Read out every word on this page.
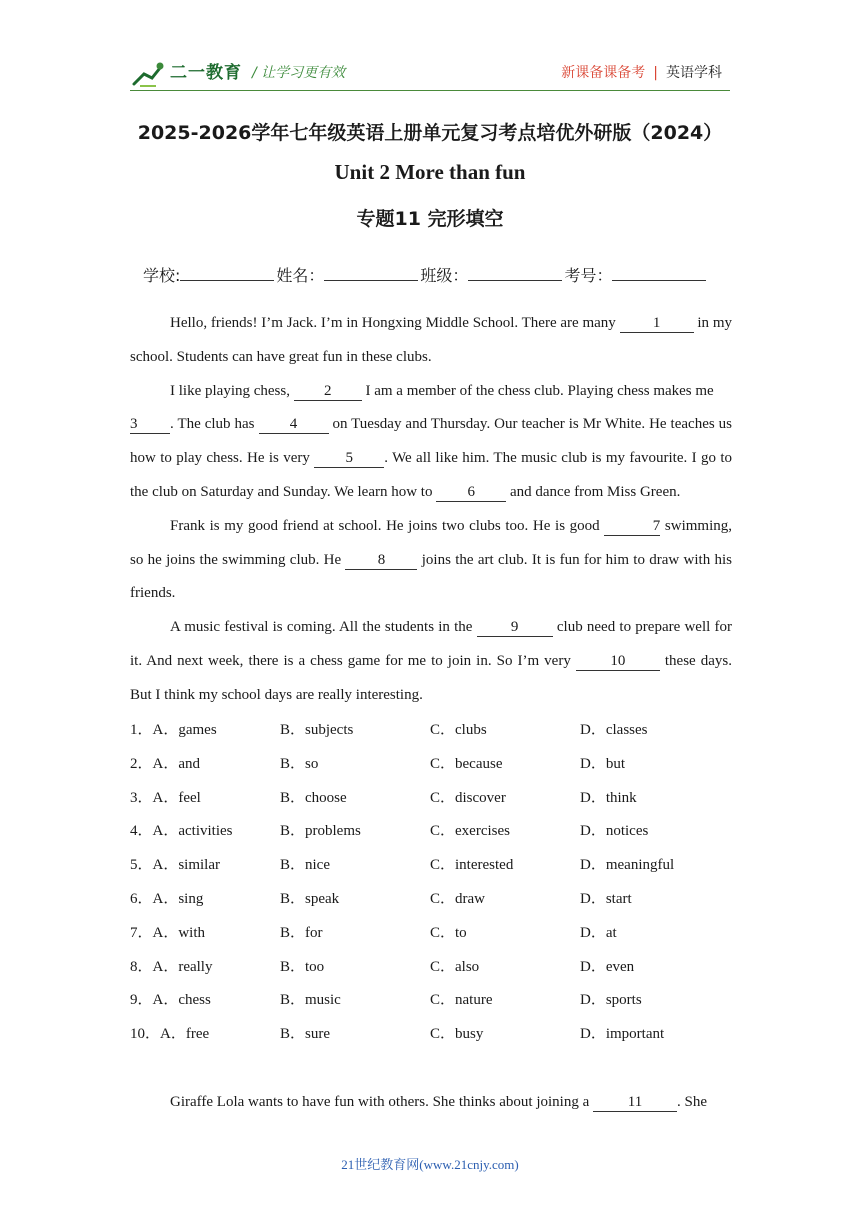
二一教育 / 让学习更有效	新课备课备考 | 英语学科
2025-2026学年七年级英语上册单元复习考点培优外研版（2024）
Unit 2 More than fun
专题11 完形填空
学校:	姓名：	班级：	考号：

Hello, friends! I’m Jack. I’m in Hongxing Middle School. There are many 1 in my school. Students can have great fun in these clubs.

I like playing chess, 2 I am a member of the chess club. Playing chess makes me

3 . The club has 4 on Tuesday and Thursday. Our teacher is Mr White. He teaches us how to play chess. He is very 5 . We all like him. The music club is my favourite. I go to the club on Saturday and Sunday. We learn how to 6 and dance from Miss Green.

Frank is my good friend at school. He joins two clubs too. He is good	7 swimming, so he joins the swimming club. He 8 joins the art club. It is fun for him to draw with his friends.

A music festival is coming. All the students in the 9 club need to prepare well for it. And next week, there is a chess game for me to join in. So I’m very 10 these days. But I think my school days are really interesting.

1．A．games	B．subjects	C．clubs	D．classes
2．A．and	B．so	C．because	D．but
3．A．feel	B．choose	C．discover	D．think
4．A．activities	B．problems	C．exercises	D．notices
5．A．similar	B．nice	C．interested	D．meaningful
6．A．sing	B．speak	C．draw	D．start
7．A．with	B．for	C．to	D．at
8．A．really	B．too	C．also	D．even
9．A．chess	B．music	C．nature	D．sports
10．A．free	B．sure	C．busy	D．important

Giraffe Lola wants to have fun with others. She thinks about joining a 11 . She

21世纪教育网(www.21cnjy.com)
